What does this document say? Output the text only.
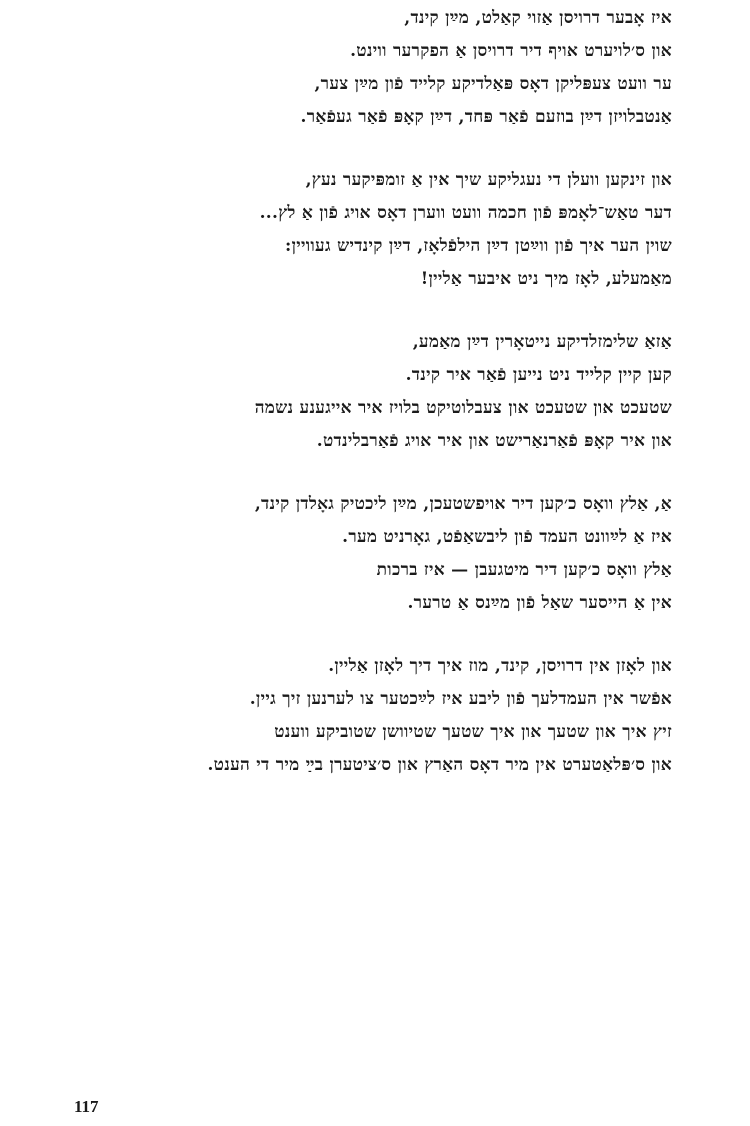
איז אָבער דרויסן אַזוי קאַלט, מײַן קינד,
און ס׳לויערט אויף דיר דרויסן אַ הפקרער ווינט.
ער וועט צעפּליקן דאָס פּאַלדיקע קלייד פֿון מײַן צער,
אַנטבלויזן דײַן בוזעם פֿאַר פּחד, דײַן קאָפּ פֿאַר געפֿאַר.
און זינקען וועלן די נעגליקע שיך אין אַ זומפּיקער נעץ,
דער טאַש־לאָמפּ פֿון חכמה וועט ווערן דאָס אויג פֿון אַ לץ...
שוין הער איך פֿון ווײַטן דײַן הילפֿלאָז, דײַן קינדיש געוויין:
מאַמעלע, לאָז מיך ניט איבער אַליין!
אַזאַ שלימזלדיקע נייטאָרין דײַן מאַמע,
קען קיין קלייד ניט נייען פֿאַר איר קינד.
שטעכט און שטעכט און צעבלוטיקט בלויז איר אייגענע נשמה
און איר קאָפּ פֿאַרנאַרישט און איר אויג פֿאַרבלינדט.
אַ, אַלץ וואָס כ׳קען דיר אויפשטעכן, מײַן ליכטיק גאָלדן קינד,
איז אַ לײַוונט העמד פֿון ליבשאַפֿט, גאָרניט מער.
אַלץ וואָס כ׳קען דיר מיטגעבן — איז ברכות
אין אַ הייסער שאַל פֿון מײַנס אַ טרער.
און לאָזן אין דרויסן, קינד, מוז איך דיך לאָזן אַליין.
אפֿשר אין העמדלעך פֿון ליבע איז לײַכטער צו לערנען זיך גיין.
זיץ איך און שטעך און איך שטעך שטיוושן שטוביקע ווענט
און ס׳פּלאַטערט אין מיר דאָס האַרץ און ס׳ציטערן בײַ מיר די הענט.
117
